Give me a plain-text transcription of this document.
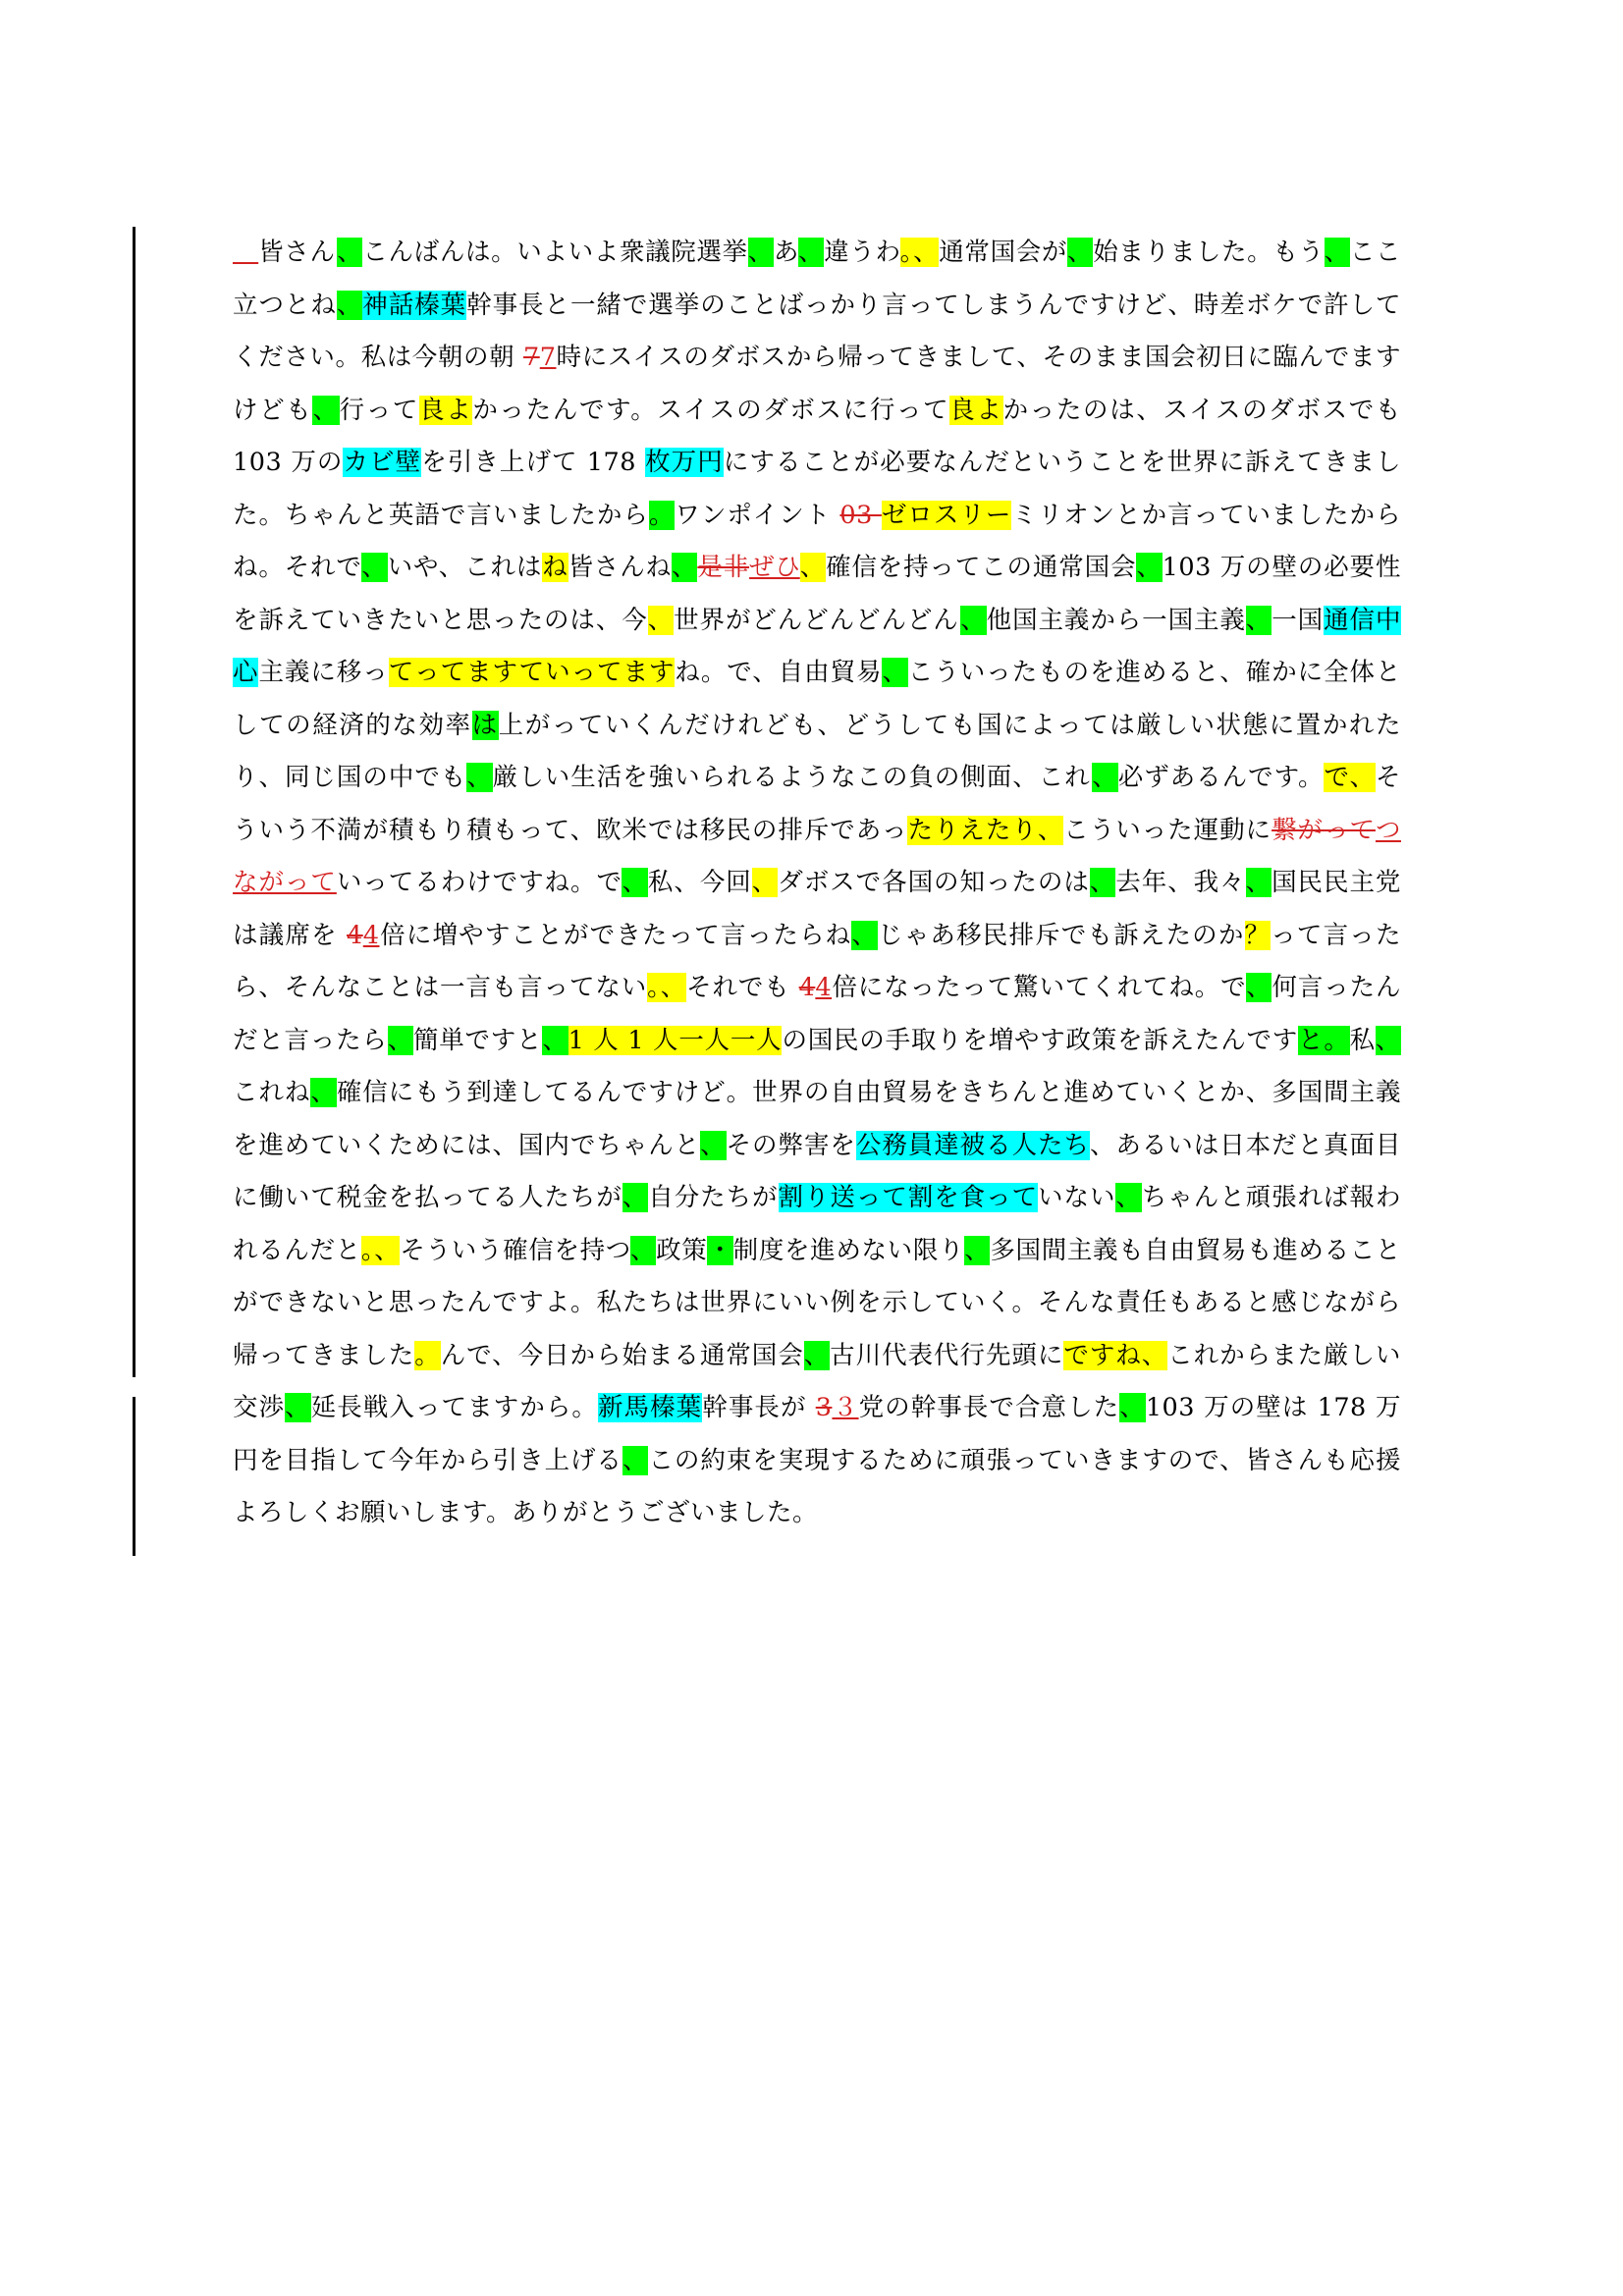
＿皆さん、こんばんは。いよいよ衆議院選挙、あ、違うわ。、通常国会が、始まりました。もう、ここ立つとね、神話榛葉幹事長と一緒で選挙のことばっかり言ってしまうんですけど、時差ボケで許してください。私は今朝の朝 77時にスイスのダボスから帰ってきまして、そのまま国会初日に臨んでますけども、行って良よかったんです。スイスのダボスに行って良よかったのは、スイスのダボスでも 103 万のカビ壁を引き上げて 178 枚万円にすることが必要なんだということを世界に訴えてきました。ちゃんと英語で言いましたから。ワンポイント 03 ゼロスリーミリオンとか言っていましたからね。それで、いや、これはね皆さんね、是非ぜひ、確信を持ってこの通常国会、103 万の壁の必要性を訴えていきたいと思ったのは、今、世界がどんどんどんどん、他国主義から一国主義、一国通信中心主義に移ってってますていってますね。で、自由貿易、こういったものを進めると、確かに全体としての経済的な効率は上がっていくんだけれども、どうしても国によっては厳しい状態に置かれたり、同じ国の中でも、厳しい生活を強いられるようなこの負の側面、これ、必ずあるんです。で、そういう不満が積もり積もって、欧米では移民の排斥であったりえたり、こういった運動に繋がってつながっていってるわけですね。で、私、今回、ダボスで各国の知ったのは、去年、我々、国民民主党は議席を 44倍に増やすことができたって言ったらね、じゃあ移民排斥でも訴えたのか？って言ったら、そんなことは一言も言ってない。、それでも 44倍になったって驚いてくれてね。で、何言ったんだと言ったら、簡単ですと、1 人 1 人一人一人の国民の手取りを増やす政策を訴えたんですと。私、これね、確信にもう到達してるんですけど。世界の自由貿易をきちんと進めていくとか、多国間主義を進めていくためには、国内でちゃんと、その弊害を公務員達被る人たち、あるいは日本だと真面目に働いて税金を払ってる人たちが、自分たちが割り送って割を食っていない、ちゃんと頑張れば報われるんだと。、そういう確信を持つ、政策・制度を進めない限り、多国間主義も自由貿易も進めることができないと思ったんですよ。私たちは世界にいい例を示していく。そんな責任もあると感じながら帰ってきました。んで、今日から始まる通常国会、古川代表代行先頭にですね、これからまた厳しい交渉、延長戦入ってますから。新馬榛葉幹事長が 3３党の幹事長で合意した、103 万の壁は 178 万円を目指して今年から引き上げる、この約束を実現するために頑張っていきますので、皆さんも応援よろしくお願いします。ありがとうございました。
